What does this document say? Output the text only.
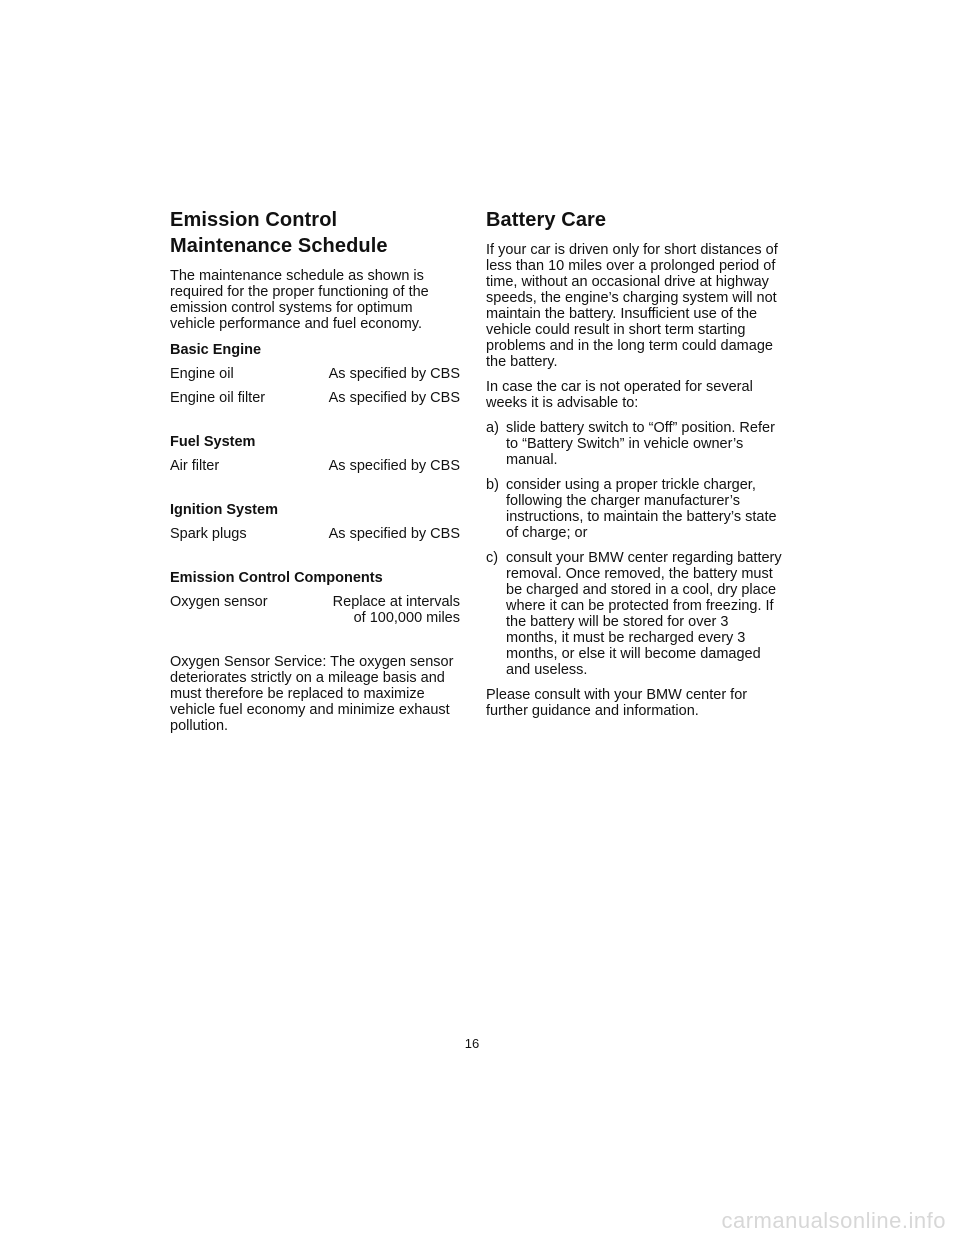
Emission Control
Maintenance Schedule

The maintenance schedule as shown is required for the proper functioning of the emission control systems for optimum vehicle performance and fuel economy.

Basic Engine
Engine oil	As specified by CBS
Engine oil filter	As specified by CBS
Fuel System
Air filter	As specified by CBS
Ignition System
Spark plugs	As specified by CBS
Emission Control Components
Oxygen sensor	Replace at intervals of 100,000 miles

Oxygen Sensor Service: The oxygen sensor deteriorates strictly on a mileage basis and must therefore be replaced to maximize vehicle fuel economy and minimize exhaust pollution.

Battery Care

If your car is driven only for short distances of less than 10 miles over a prolonged period of time, without an occasional drive at highway speeds, the engine’s charging system will not maintain the battery. Insufficient use of the vehicle could result in short term starting problems and in the long term could damage the battery.

In case the car is not operated for several weeks it is advisable to:

a) slide battery switch to “Off” position. Refer to “Battery Switch” in vehicle owner’s manual.
b) consider using a proper trickle charger, following the charger manufacturer’s instructions, to maintain the battery’s state of charge; or
c) consult your BMW center regarding battery removal. Once removed, the battery must be charged and stored in a cool, dry place where it can be protected from freezing. If the battery will be stored for over 3 months, it must be recharged every 3 months, or else it will become damaged and useless.

Please consult with your BMW center for further guidance and information.

16
carmanualsonline.info
